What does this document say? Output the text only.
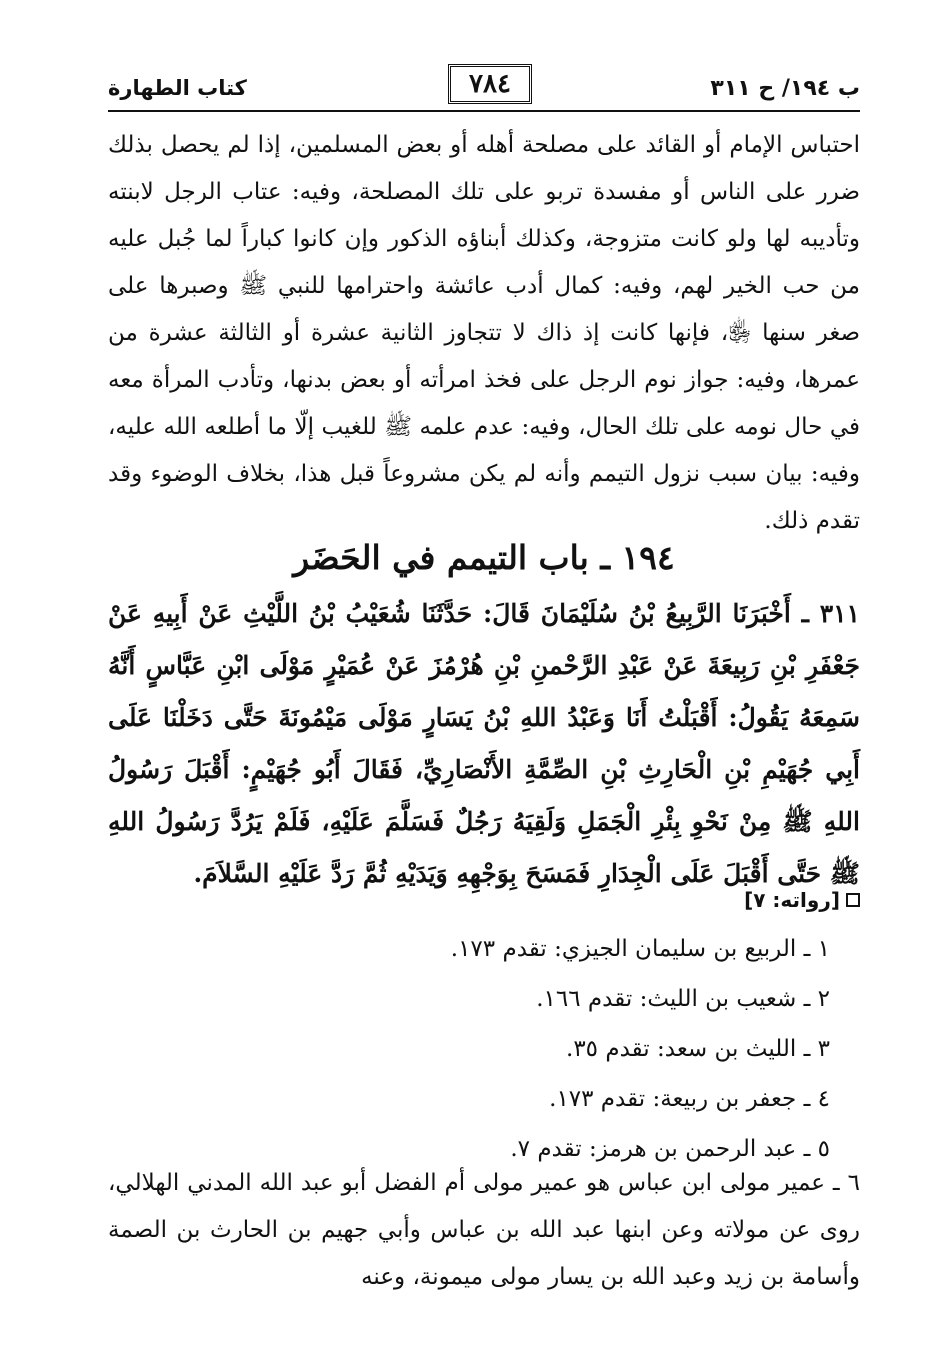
كتاب الطهارة	٧٨٤	ب ١٩٤/ ح ٣١١
احتباس الإمام أو القائد على مصلحة أهله أو بعض المسلمين، إذا لم يحصل بذلك ضرر على الناس أو مفسدة تربو على تلك المصلحة، وفيه: عتاب الرجل لابنته وتأديبه لها ولو كانت متزوجة، وكذلك أبناؤه الذكور وإن كانوا كباراً لما جُبل عليه من حب الخير لهم، وفيه: كمال أدب عائشة واحترامها للنبي ﷺ وصبرها على صغر سنها ﵂، فإنها كانت إذ ذاك لا تتجاوز الثانية عشرة أو الثالثة عشرة من عمرها، وفيه: جواز نوم الرجل على فخذ امرأته أو بعض بدنها، وتأدب المرأة معه في حال نومه على تلك الحال، وفيه: عدم علمه ﷺ للغيب إلّا ما أطلعه الله عليه، وفيه: بيان سبب نزول التيمم وأنه لم يكن مشروعاً قبل هذا، بخلاف الوضوء وقد تقدم ذلك.
١٩٤ ـ باب التيمم في الحَضَر
٣١١ ـ أَخْبَرَنَا الرَّبِيعُ بْنُ سُلَيْمَانَ قَالَ: حَدَّثَنَا شُعَيْبُ بْنُ اللَّيْثِ عَنْ أَبِيهِ عَنْ جَعْفَرِ بْنِ رَبِيعَةَ عَنْ عَبْدِ الرَّحْمنِ بْنِ هُرْمُزَ عَنْ عُمَيْرٍ مَوْلَى ابْنِ عَبَّاسٍ أَنَّهُ سَمِعَهُ يَقُولُ: أَقْبَلْتُ أَنَا وَعَبْدُ اللهِ بْنُ يَسَارٍ مَوْلَى مَيْمُونَةَ حَتَّى دَخَلْنَا عَلَى أَبِي جُهَيْمِ بْنِ الْحَارِثِ بْنِ الصِّمَّةِ الأَنْصَارِيِّ، فَقَالَ أَبُو جُهَيْمٍ: أَقْبَلَ رَسُولُ اللهِ ﷺ مِنْ نَحْوِ بِئْرِ الْجَمَلِ وَلَقِيَهُ رَجُلٌ فَسَلَّمَ عَلَيْهِ، فَلَمْ يَرُدَّ رَسُولُ اللهِ ﷺ حَتَّى أَقْبَلَ عَلَى الْجِدَارِ فَمَسَحَ بِوَجْهِهِ وَيَدَيْهِ ثُمَّ رَدَّ عَلَيْهِ السَّلاَمَ.
[رواته: ٧]
١ ـ الربيع بن سليمان الجيزي: تقدم ١٧٣.
٢ ـ شعيب بن الليث: تقدم ١٦٦.
٣ ـ الليث بن سعد: تقدم ٣٥.
٤ ـ جعفر بن ربيعة: تقدم ١٧٣.
٥ ـ عبد الرحمن بن هرمز: تقدم ٧.
٦ ـ عمير مولى ابن عباس هو عمير مولى أم الفضل أبو عبد الله المدني الهلالي، روى عن مولاته وعن ابنها عبد الله بن عباس وأبي جهيم بن الحارث بن الصمة وأسامة بن زيد وعبد الله بن يسار مولى ميمونة، وعنه
